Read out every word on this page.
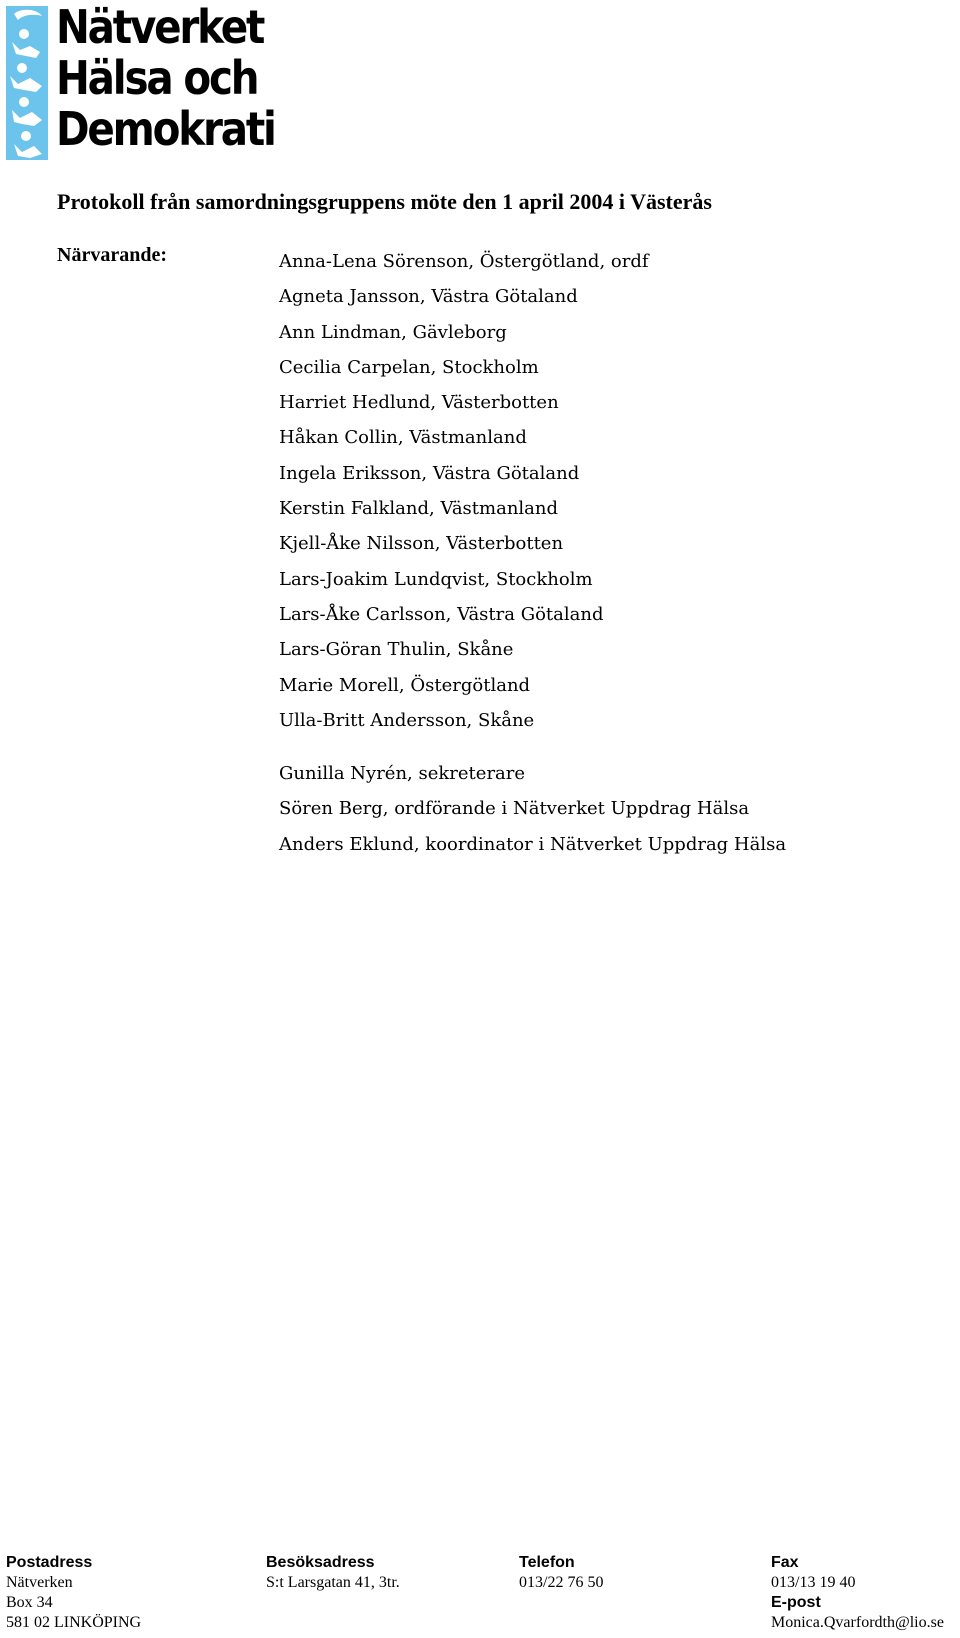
Nätverket
Hälsa och
Demokrati
Protokoll från samordningsgruppens möte den 1 april 2004 i Västerås
Närvarande:	Anna-Lena Sörenson, Östergötland, ordf
Agneta Jansson, Västra Götaland
Ann Lindman, Gävleborg
Cecilia Carpelan, Stockholm
Harriet Hedlund, Västerbotten
Håkan Collin, Västmanland
Ingela Eriksson, Västra Götaland
Kerstin Falkland, Västmanland
Kjell-Åke Nilsson, Västerbotten
Lars-Joakim Lundqvist, Stockholm
Lars-Åke Carlsson, Västra Götaland
Lars-Göran Thulin, Skåne
Marie Morell, Östergötland
Ulla-Britt Andersson, Skåne
Gunilla Nyrén, sekreterare
Sören Berg, ordförande i Nätverket Uppdrag Hälsa
Anders Eklund, koordinator i Nätverket Uppdrag Hälsa
Postadress
Nätverken
Box 34
581 02 LINKÖPING
Besöksadress
S:t Larsgatan 41, 3tr.
Telefon
013/22 76 50
Fax
013/13 19 40
E-post
Monica.Qvarfordth@lio.se
